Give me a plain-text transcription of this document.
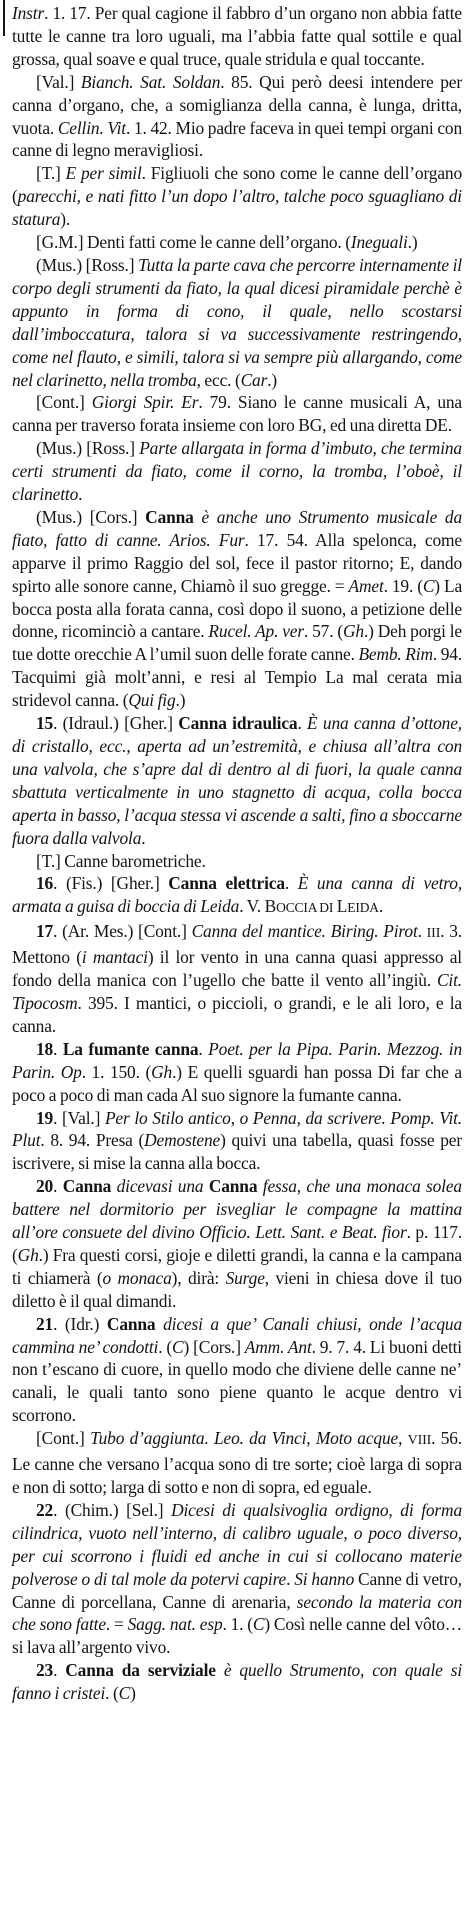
Instr. 1. 17. Per qual cagione il fabbro d’un organo non abbia fatte tutte le canne tra loro uguali, ma l’abbia fatte qual sottile e qual grossa, qual soave e qual truce, quale stridula e qual toccante.

[Val.] Bianch. Sat. Soldan. 85. Qui però deesi intendere per canna d’organo, che, a somiglianza della canna, è lunga, dritta, vuota. Cellin. Vit. 1. 42. Mio padre faceva in quei tempi organi con canne di legno meravigliosi.

[T.] E per simil. Figliuoli che sono come le canne dell’organo (parecchi, e nati fitto l’un dopo l’altro, talche poco sguagliano di statura).

[G.M.] Denti fatti come le canne dell’organo. (Ineguali.)

(Mus.) [Ross.] Tutta la parte cava che percorre internamente il corpo degli strumenti da fiato, la qual dicesi piramidale perchè è appunto in forma di cono, il quale, nello scostarsi dall’imboccatura, talora si va successivamente restringendo, come nel flauto, e simili, talora si va sempre più allargando, come nel clarinetto, nella tromba, ecc. (Car.)

[Cont.] Giorgi Spir. Er. 79. Siano le canne musicali A, una canna per traverso forata insieme con loro BG, ed una diretta DE.

(Mus.) [Ross.] Parte allargata in forma d’imbuto, che termina certi strumenti da fiato, come il corno, la tromba, l’oboè, il clarinetto.

(Mus.) [Cors.] Canna è anche uno Strumento musicale da fiato, fatto di canne. Arios. Fur. 17. 54. Alla spelonca, come apparve il primo Raggio del sol, fece il pastor ritorno; E, dando spirto alle sonore canne, Chiamò il suo gregge. = Amet. 19. (C) La bocca posta alla forata canna, così dopo il suono, a petizione delle donne, ricominciò a cantare. Rucel. Ap. ver. 57. (Gh.) Deh porgi le tue dotte orecchie A l’umil suon delle forate canne. Bemb. Rim. 94. Tacquimi già molt’anni, e resi al Tempio La mal cerata mia stridevol canna. (Qui fig.)

15. (Idraul.) [Gher.] Canna idraulica. È una canna d’ottone, di cristallo, ecc., aperta ad un’estremità, e chiusa all’altra con una valvola, che s’apre dal di dentro al di fuori, la quale canna sbattuta verticalmente in uno stagnetto di acqua, colla bocca aperta in basso, l’acqua stessa vi ascende a salti, fino a sboccarne fuora dalla valvola.

[T.] Canne barometriche.

16. (Fis.) [Gher.] Canna elettrica. È una canna di vetro, armata a guisa di boccia di Leida. V. BOCCIA DI LEIDA.

17. (Ar. Mes.) [Cont.] Canna del mantice. Biring. Pirot. III. 3. Mettono (i mantaci) il lor vento in una canna quasi appresso al fondo della manica con l’ugello che batte il vento all’ingiù. Cit. Tipocosm. 395. I mantici, o piccioli, o grandi, e le ali loro, e la canna.

18. La fumante canna. Poet. per la Pipa. Parin. Mezzog. in Parin. Op. 1. 150. (Gh.) E quelli sguardi han possa Di far che a poco a poco di man cada Al suo signore la fumante canna.

19. [Val.] Per lo Stilo antico, o Penna, da scrivere. Pomp. Vit. Plut. 8. 94. Presa (Demostene) quivi una tabella, quasi fosse per iscrivere, si mise la canna alla bocca.

20. Canna dicevasi una Canna fessa, che una monaca solea battere nel dormitorio per isvegliar le compagne la mattina all’ore consuete del divino Officio. Lett. Sant. e Beat. fior. p. 117. (Gh.) Fra questi corsi, gioje e diletti grandi, la canna e la campana ti chiamerà (o monaca), dirà: Surge, vieni in chiesa dove il tuo diletto è il qual dimandi.

21. (Idr.) Canna dicesi a que’ Canali chiusi, onde l’acqua cammina ne’ condotti. (C) [Cors.] Amm. Ant. 9. 7. 4. Li buoni detti non t’escano di cuore, in quello modo che diviene delle canne ne’ canali, le quali tanto sono piene quanto le acque dentro vi scorrono.

[Cont.] Tubo d’aggiunta. Leo. da Vinci, Moto acque, VIII. 56. Le canne che versano l’acqua sono di tre sorte; cioè larga di sopra e non di sotto; larga di sotto e non di sopra, ed eguale.

22. (Chim.) [Sel.] Dicesi di qualsivoglia ordigno, di forma cilindrica, vuoto nell’interno, di calibro uguale, o poco diverso, per cui scorrono i fluidi ed anche in cui si collocano materie polverose o di tal mole da potervi capire. Si hanno Canne di vetro, Canne di porcellana, Canne di arenaria, secondo la materia con che sono fatte. = Sagg. nat. esp. 1. (C) Così nelle canne del vôto… si lava all’argento vivo.

23. Canna da serviziale è quello Strumento, con quale si fanno i cristei. (C)
